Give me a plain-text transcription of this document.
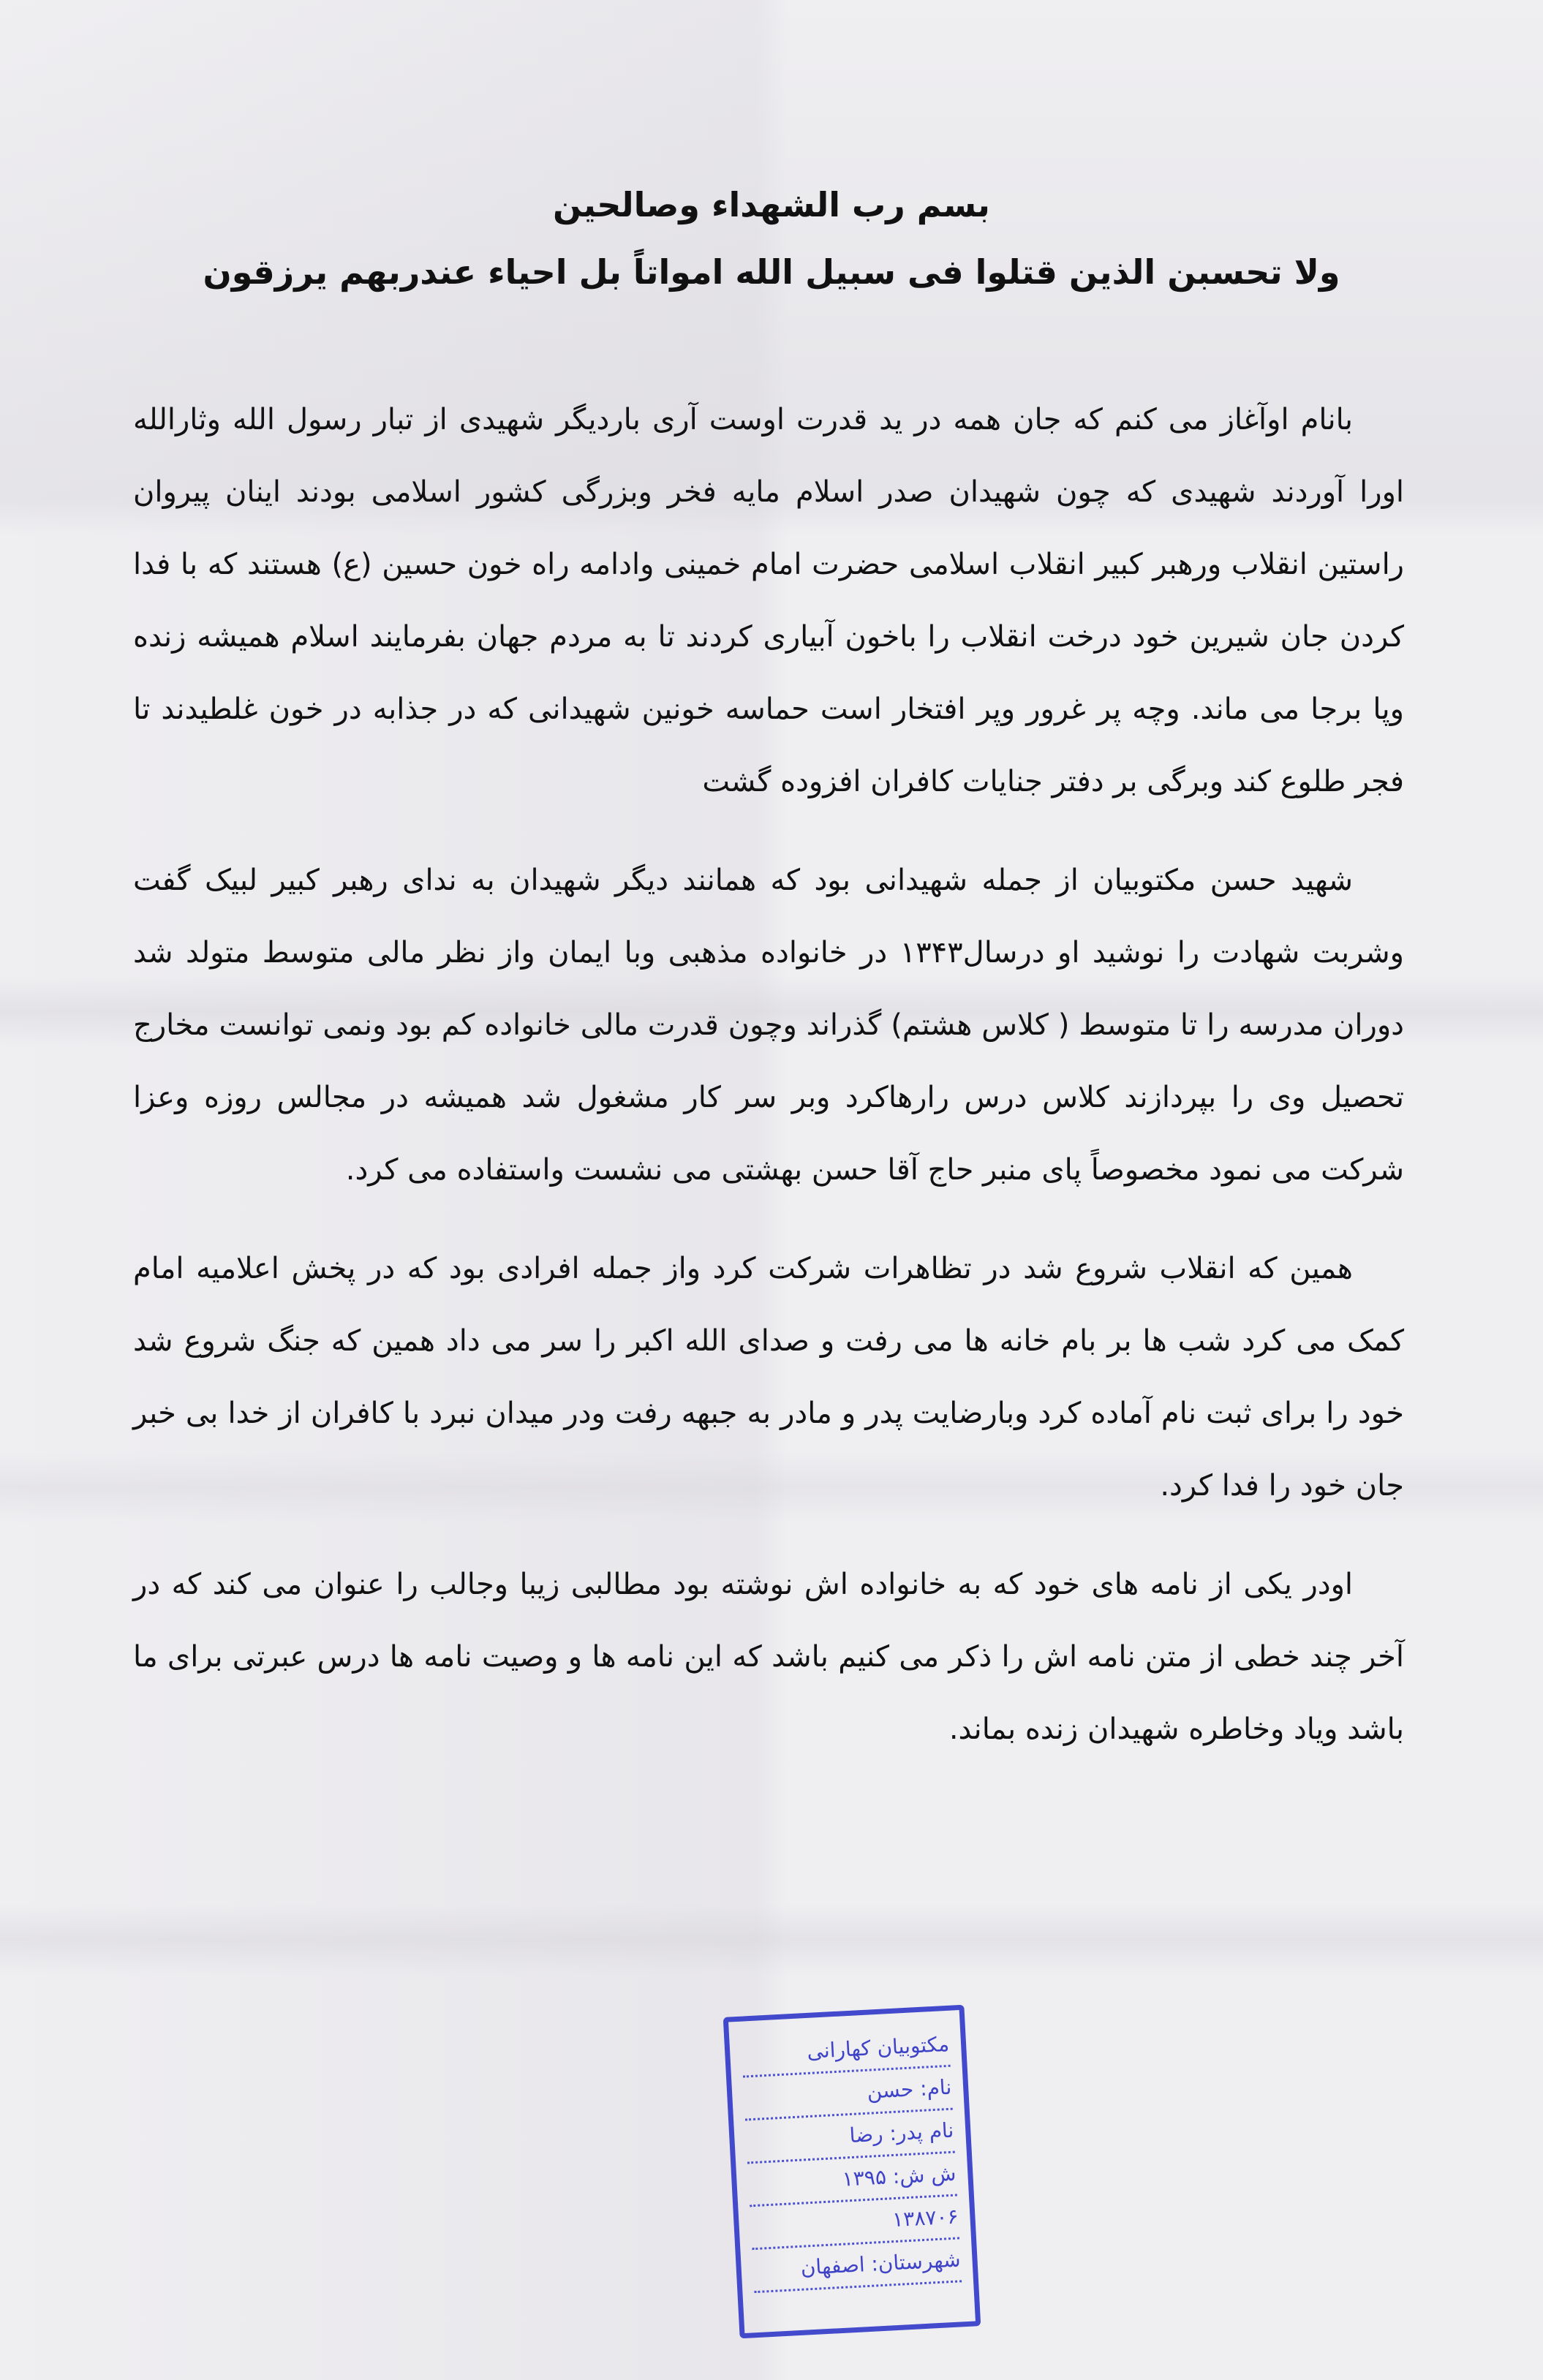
بسم رب الشهداء وصالحین
ولا تحسبن الذین قتلوا فی سبیل الله امواتاً بل احیاء عندربهم یرزقون

بانام اوآغاز می کنم که جان همه در ید قدرت اوست آری باردیگر شهیدی از تبار رسول الله وثارالله اورا آوردند شهیدی که چون شهیدان صدر اسلام مایه فخر وبزرگی کشور اسلامی بودند اینان پیروان راستین انقلاب ورهبر کبیر انقلاب اسلامی حضرت امام خمینی وادامه راه خون حسین (ع) هستند که با فدا کردن جان شیرین خود درخت انقلاب را باخون آبیاری کردند تا به مردم جهان بفرمایند اسلام همیشه زنده وپا برجا می ماند. وچه پر غرور وپر افتخار است حماسه خونین شهیدانی که در جذابه در خون غلطیدند تا فجر طلوع کند وبرگی بر دفتر جنایات کافران افزوده گشت

شهید حسن مکتوبیان از جمله شهیدانی بود که همانند دیگر شهیدان به ندای رهبر کبیر لبیک گفت وشربت شهادت را نوشید او درسال۱۳۴۳ در خانواده مذهبی وبا ایمان واز نظر مالی متوسط متولد شد دوران مدرسه را تا متوسط ( کلاس هشتم) گذراند وچون قدرت مالی خانواده کم بود ونمی توانست مخارج تحصیل وی را بپردازند کلاس درس رارهاکرد وبر سر کار مشغول شد همیشه در مجالس روزه وعزا شرکت می نمود مخصوصاً پای منبر حاج آقا حسن بهشتی می نشست واستفاده می کرد.

همین که انقلاب شروع شد در تظاهرات شرکت کرد واز جمله افرادی بود که در پخش اعلامیه امام کمک می کرد شب ها بر بام خانه ها می رفت و صدای الله اکبر را سر می داد همین که جنگ شروع شد خود را برای ثبت نام آماده کرد وبارضایت پدر و مادر به جبهه رفت ودر میدان نبرد با کافران از خدا بی خبر جان خود را فدا کرد.

اودر یکی از نامه های خود که به خانواده اش نوشته بود مطالبی زیبا وجالب را عنوان می کند که در آخر چند خطی از متن نامه اش را ذکر می کنیم باشد که این نامه ها و وصیت نامه ها درس عبرتی برای ما باشد ویاد وخاطره شهیدان زنده بماند.

مکتوبیان کهارانی
نام: حسن
نام پدر: رضا
ش ش: ۱۳۹۵
۱۳۸۷۰۶
شهرستان: اصفهان
